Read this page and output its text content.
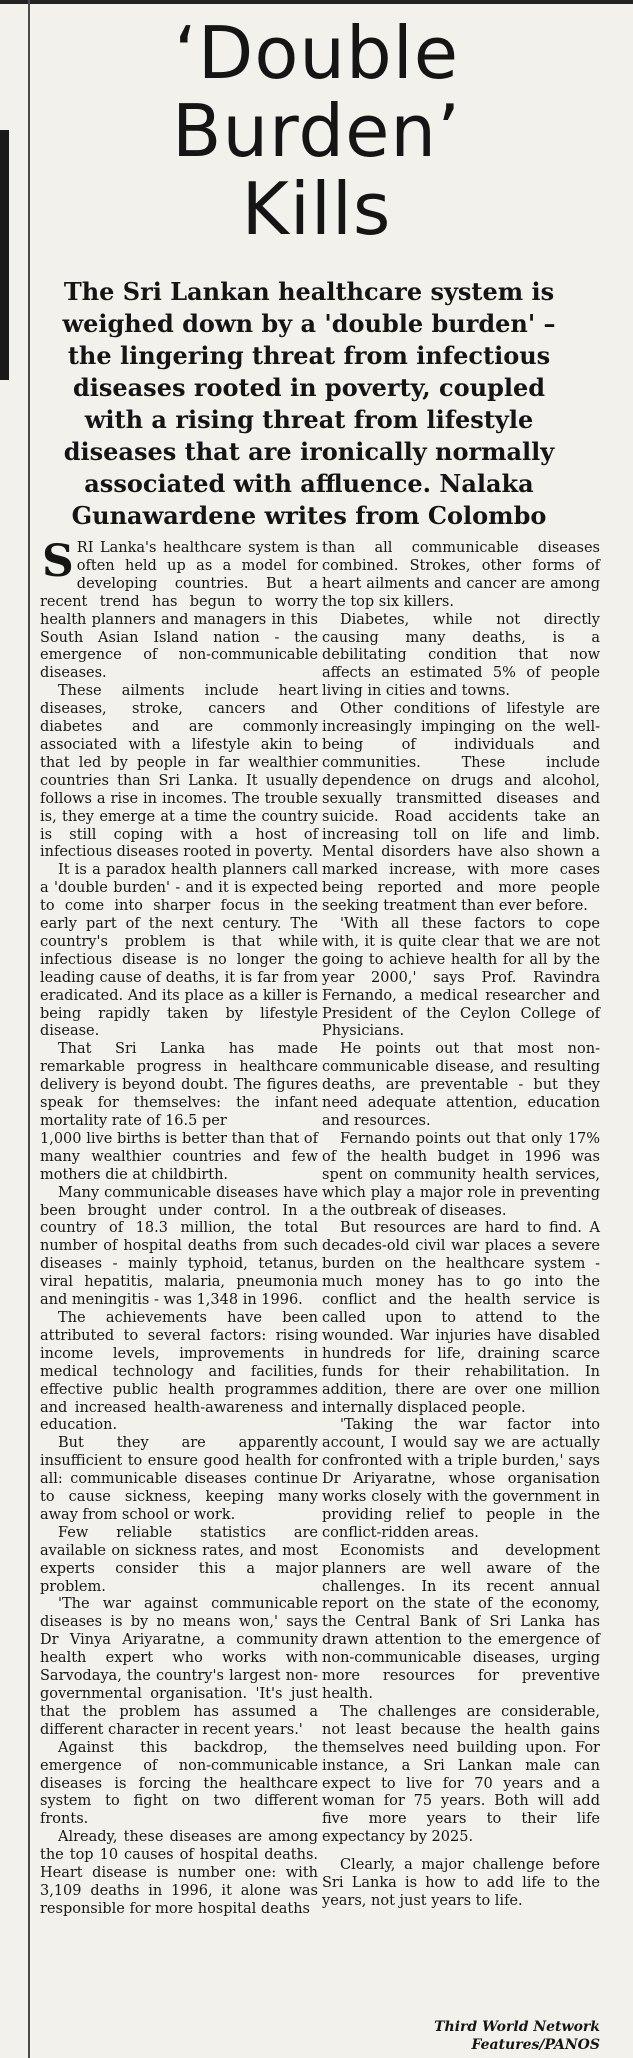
‘Double
Burden’
Kills
The Sri Lankan healthcare system is weighed down by a 'double burden' – the lingering threat from infectious diseases rooted in poverty, coupled with a rising threat from lifestyle diseases that are ironically normally associated with affluence. Nalaka Gunawardene writes from Colombo

SRI Lanka's healthcare system is often held up as a model for developing countries. But a recent trend has begun to worry health planners and managers in this South Asian Island nation - the emergence of non-communicable diseases.

These ailments include heart diseases, stroke, cancers and diabetes and are commonly associated with a lifestyle akin to that led by people in far wealthier countries than Sri Lanka. It usually follows a rise in incomes. The trouble is, they emerge at a time the country is still coping with a host of infectious diseases rooted in poverty.

It is a paradox health planners call a 'double burden' - and it is expected to come into sharper focus in the early part of the next century. The country's problem is that while infectious disease is no longer the leading cause of deaths, it is far from eradicated. And its place as a killer is being rapidly taken by lifestyle disease.

That Sri Lanka has made remarkable progress in healthcare delivery is beyond doubt. The figures speak for themselves: the infant mortality rate of 16.5 per

1,000 live births is better than that of many wealthier countries and few mothers die at childbirth.

Many communicable diseases have been brought under control. In a country of 18.3 million, the total number of hospital deaths from such diseases - mainly typhoid, tetanus, viral hepatitis, malaria, pneumonia and meningitis - was 1,348 in 1996.

The achievements have been attributed to several factors: rising income levels, improvements in medical technology and facilities, effective public health programmes and increased health-awareness and education.

But they are apparently insufficient to ensure good health for all: communicable diseases continue to cause sickness, keeping many away from school or work.

Few reliable statistics are available on sickness rates, and most experts consider this a major problem.

'The war against communicable diseases is by no means won,' says Dr Vinya Ariyaratne, a community health expert who works with Sarvodaya, the country's largest non-governmental organisation. 'It's just that the problem has assumed a different character in recent years.'

Against this backdrop, the emergence of non-communicable diseases is forcing the healthcare system to fight on two different fronts.

Already, these diseases are among the top 10 causes of hospital deaths. Heart disease is number one: with 3,109 deaths in 1996, it alone was responsible for more hospital deaths

than all communicable diseases combined. Strokes, other forms of heart ailments and cancer are among the top six killers.

Diabetes, while not directly causing many deaths, is a debilitating condition that now affects an estimated 5% of people living in cities and towns.

Other conditions of lifestyle are increasingly impinging on the well-being of individuals and communities. These include dependence on drugs and alcohol, sexually transmitted diseases and suicide. Road accidents take an increasing toll on life and limb. Mental disorders have also shown a marked increase, with more cases being reported and more people seeking treatment than ever before.

'With all these factors to cope with, it is quite clear that we are not going to achieve health for all by the year 2000,' says Prof. Ravindra Fernando, a medical researcher and President of the Ceylon College of Physicians.

He points out that most non-communicable disease, and resulting deaths, are preventable - but they need adequate attention, education and resources.

Fernando points out that only 17% of the health budget in 1996 was spent on community health services, which play a major role in preventing the outbreak of diseases.

But resources are hard to find. A decades-old civil war places a severe burden on the healthcare system - much money has to go into the conflict and the health service is called upon to attend to the wounded. War injuries have disabled hundreds for life, draining scarce funds for their rehabilitation. In addition, there are over one million internally displaced people.

'Taking the war factor into account, I would say we are actually confronted with a triple burden,' says Dr Ariyaratne, whose organisation works closely with the government in providing relief to people in the conflict-ridden areas.

Economists and development planners are well aware of the challenges. In its recent annual report on the state of the economy, the Central Bank of Sri Lanka has drawn attention to the emergence of non-communicable diseases, urging more resources for preventive health.

The challenges are considerable, not least because the health gains themselves need building upon. For instance, a Sri Lankan male can expect to live for 70 years and a woman for 75 years. Both will add five more years to their life expectancy by 2025.

Clearly, a major challenge before Sri Lanka is how to add life to the years, not just years to life.

Third World Network
Features/PANOS
